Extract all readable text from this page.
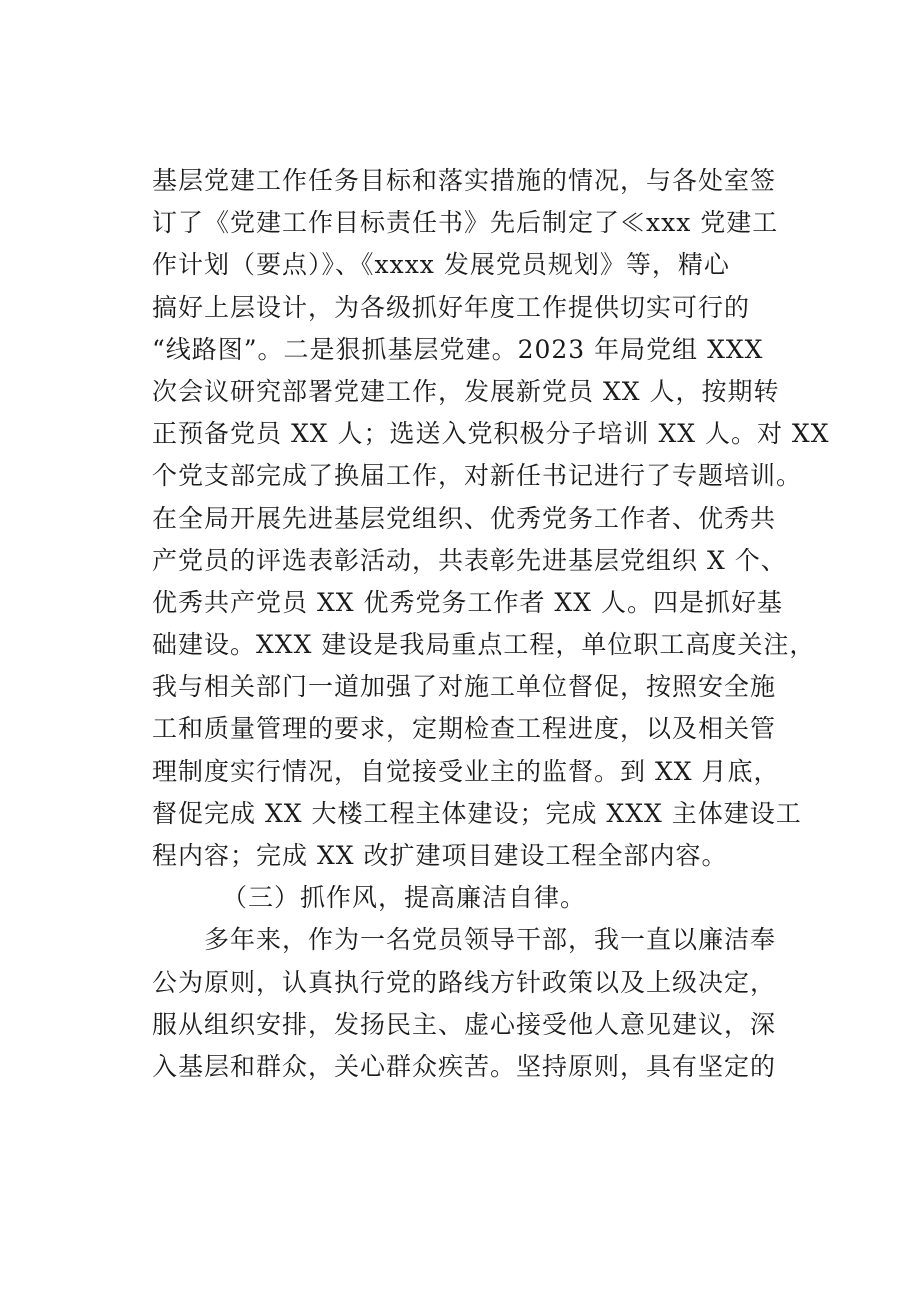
基层党建工作任务目标和落实措施的情况，与各处室签
订了《党建工作目标责任书》先后制定了≪xxx 党建工
作计划（要点）》、《xxxx 发展党员规划》等，精心
搞好上层设计，为各级抓好年度工作提供切实可行的
“线路图”。二是狠抓基层党建。2023 年局党组 XXX
次会议研究部署党建工作，发展新党员 XX 人，按期转
正预备党员 XX 人；选送入党积极分子培训 XX 人。对 XX
个党支部完成了换届工作，对新任书记进行了专题培训。
在全局开展先进基层党组织、优秀党务工作者、优秀共
产党员的评选表彰活动，共表彰先进基层党组织 X 个、
优秀共产党员 XX 优秀党务工作者 XX 人。四是抓好基
础建设。XXX 建设是我局重点工程，单位职工高度关注，
我与相关部门一道加强了对施工单位督促，按照安全施
工和质量管理的要求，定期检查工程进度，以及相关管
理制度实行情况，自觉接受业主的监督。到 XX 月底，
督促完成 XX 大楼工程主体建设；完成 XXX 主体建设工
程内容；完成 XX 改扩建项目建设工程全部内容。
（三）抓作风，提高廉洁自律。
多年来，作为一名党员领导干部，我一直以廉洁奉
公为原则，认真执行党的路线方针政策以及上级决定，
服从组织安排，发扬民主、虚心接受他人意见建议，深
入基层和群众，关心群众疾苦。坚持原则，具有坚定的
